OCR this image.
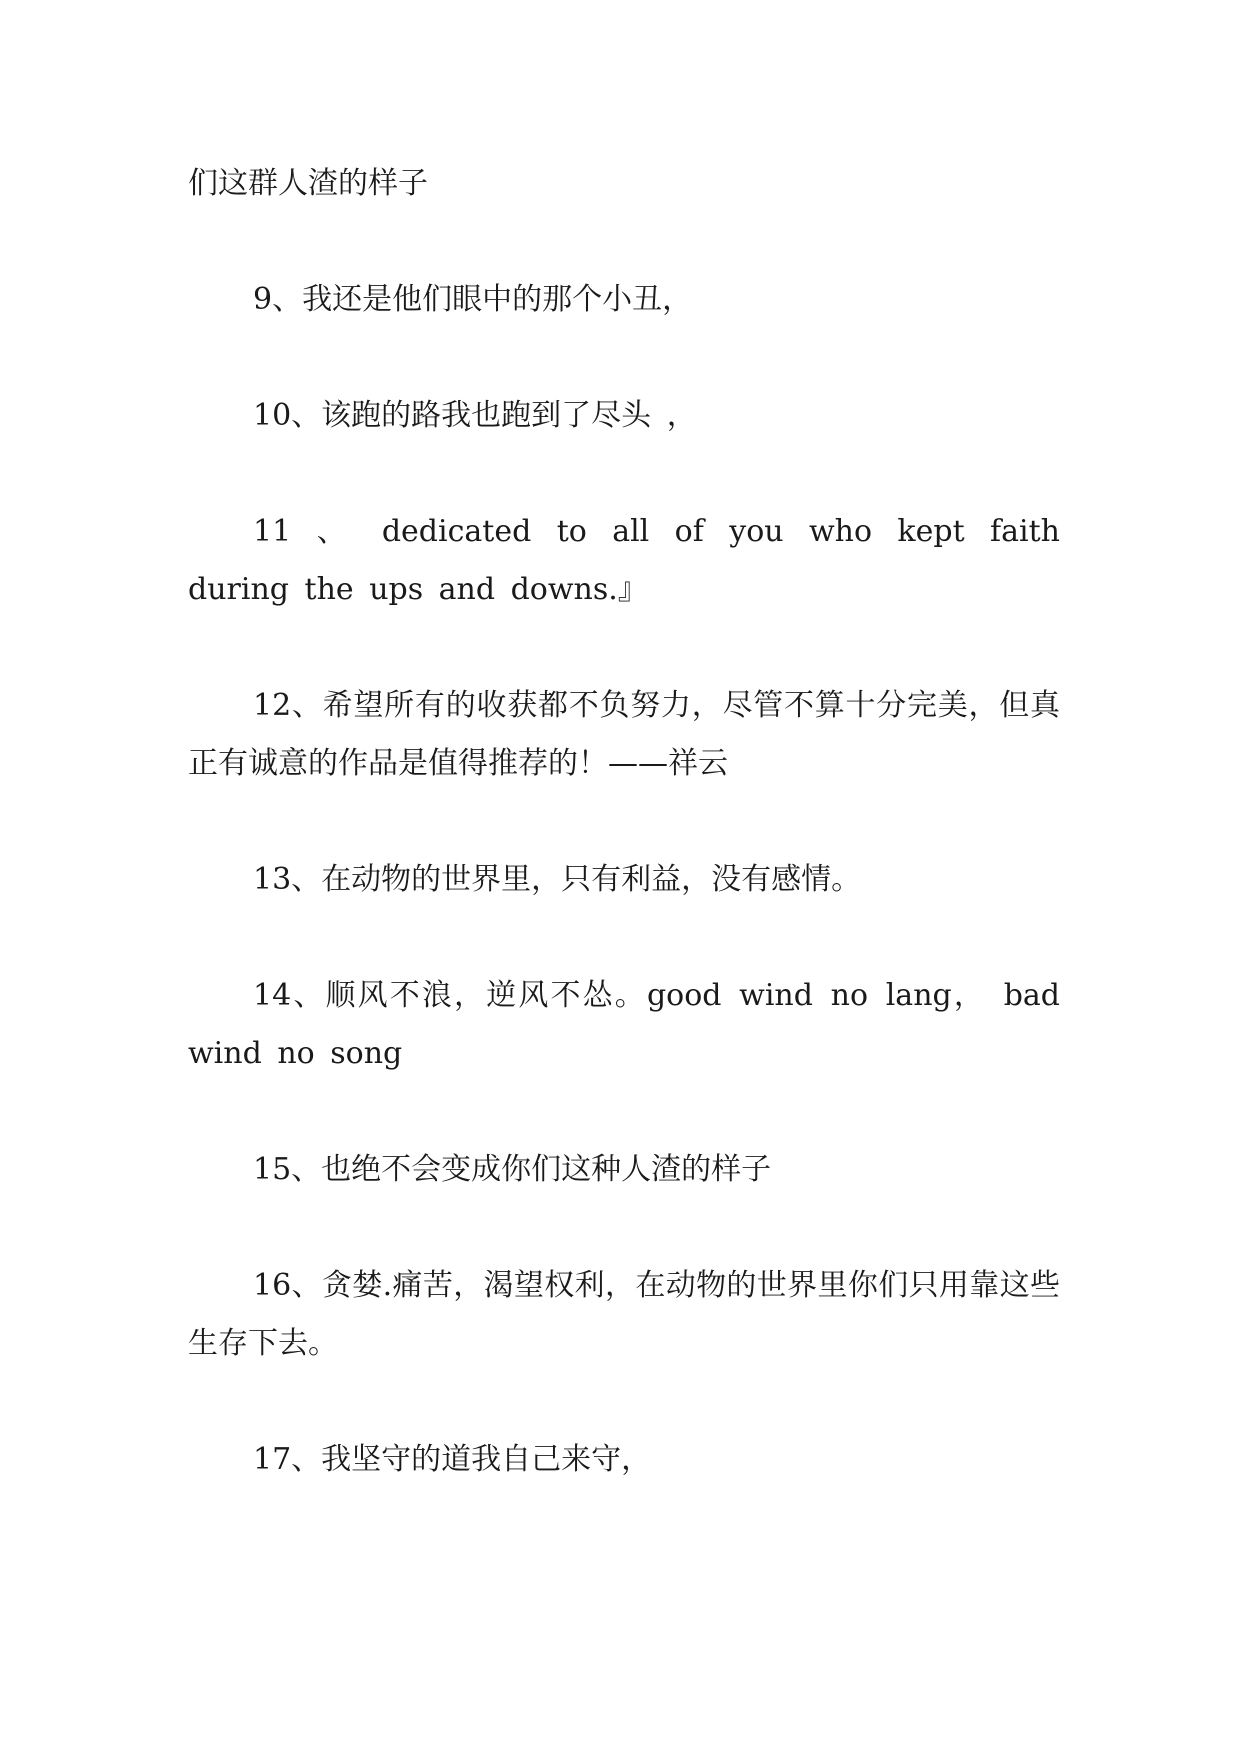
们这群人渣的样子

9、我还是他们眼中的那个小丑，

10、该跑的路我也跑到了尽头 ，

11 、 dedicated to all of you who kept faith during the ups and downs.』

12、希望所有的收获都不负努力，尽管不算十分完美，但真正有诚意的作品是值得推荐的！——祥云

13、在动物的世界里，只有利益，没有感情。

14、顺风不浪，逆风不怂。good wind no lang， bad wind no song

15、也绝不会变成你们这种人渣的样子

16、贪婪.痛苦，渴望权利，在动物的世界里你们只用靠这些生存下去。

17、我坚守的道我自己来守，
